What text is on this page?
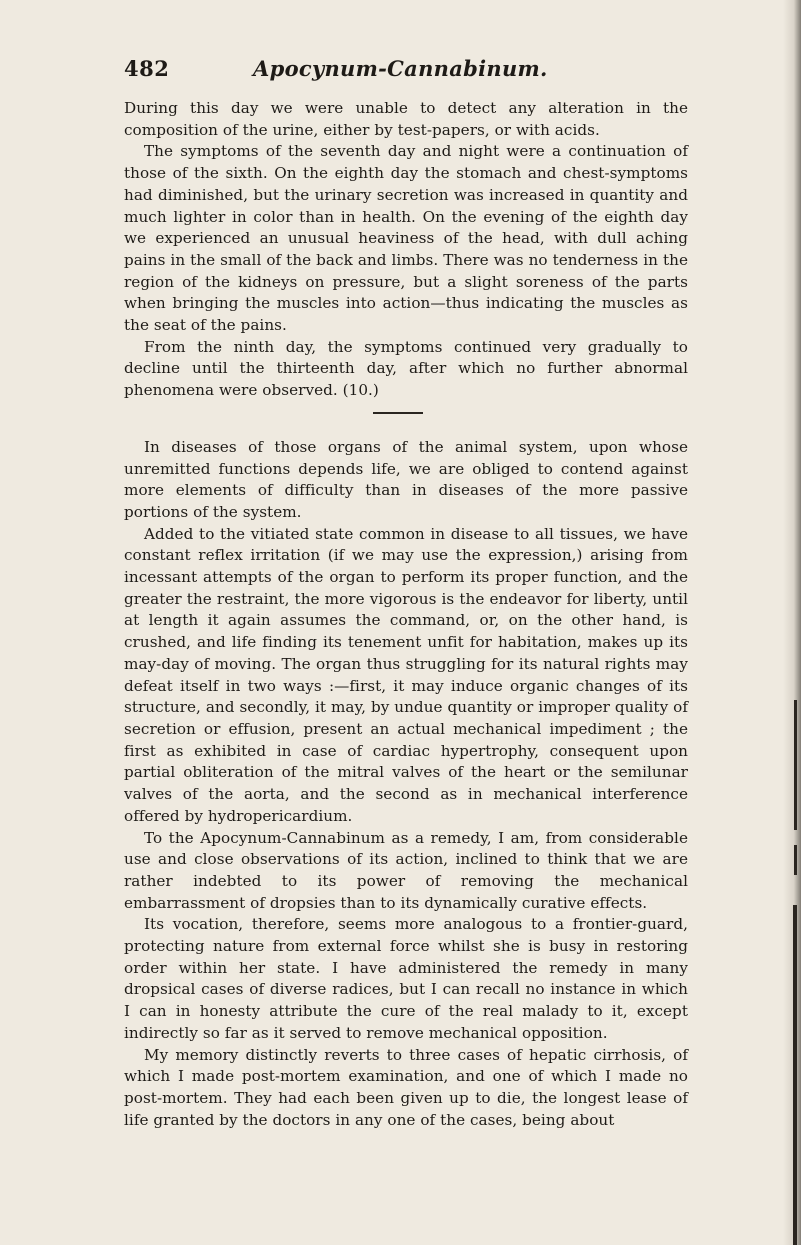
482	Apocynum-Cannabinum.

During this day we were unable to detect any alteration in the composition of the urine, either by test-papers, or with acids.

The symptoms of the seventh day and night were a continuation of those of the sixth. On the eighth day the stomach and chest-symptoms had diminished, but the urinary secretion was increased in quantity and much lighter in color than in health. On the evening of the eighth day we experienced an unusual heaviness of the head, with dull aching pains in the small of the back and limbs. There was no tenderness in the region of the kidneys on pressure, but a slight soreness of the parts when bringing the muscles into action—thus indicating the muscles as the seat of the pains.

From the ninth day, the symptoms continued very gradually to decline until the thirteenth day, after which no further abnormal phenomena were observed. (10.)

In diseases of those organs of the animal system, upon whose unremitted functions depends life, we are obliged to contend against more elements of difficulty than in diseases of the more passive portions of the system.

Added to the vitiated state common in disease to all tissues, we have constant reflex irritation (if we may use the expression,) arising from incessant attempts of the organ to perform its proper function, and the greater the restraint, the more vigorous is the endeavor for liberty, until at length it again assumes the command, or, on the other hand, is crushed, and life finding its tenement unfit for habitation, makes up its may-day of moving. The organ thus struggling for its natural rights may defeat itself in two ways :—first, it may induce organic changes of its structure, and secondly, it may, by undue quantity or improper quality of secretion or effusion, present an actual mechanical impediment ; the first as exhibited in case of cardiac hypertrophy, consequent upon partial obliteration of the mitral valves of the heart or the semilunar valves of the aorta, and the second as in mechanical interference offered by hydropericardium.

To the Apocynum-Cannabinum as a remedy, I am, from considerable use and close observations of its action, inclined to think that we are rather indebted to its power of removing the mechanical embarrassment of dropsies than to its dynamically curative effects.

Its vocation, therefore, seems more analogous to a frontier-guard, protecting nature from external force whilst she is busy in restoring order within her state. I have administered the remedy in many dropsical cases of diverse radices, but I can recall no instance in which I can in honesty attribute the cure of the real malady to it, except indirectly so far as it served to remove mechanical opposition.

My memory distinctly reverts to three cases of hepatic cirrhosis, of which I made post-mortem examination, and one of which I made no post-mortem. They had each been given up to die, the longest lease of life granted by the doctors in any one of the cases, being about
